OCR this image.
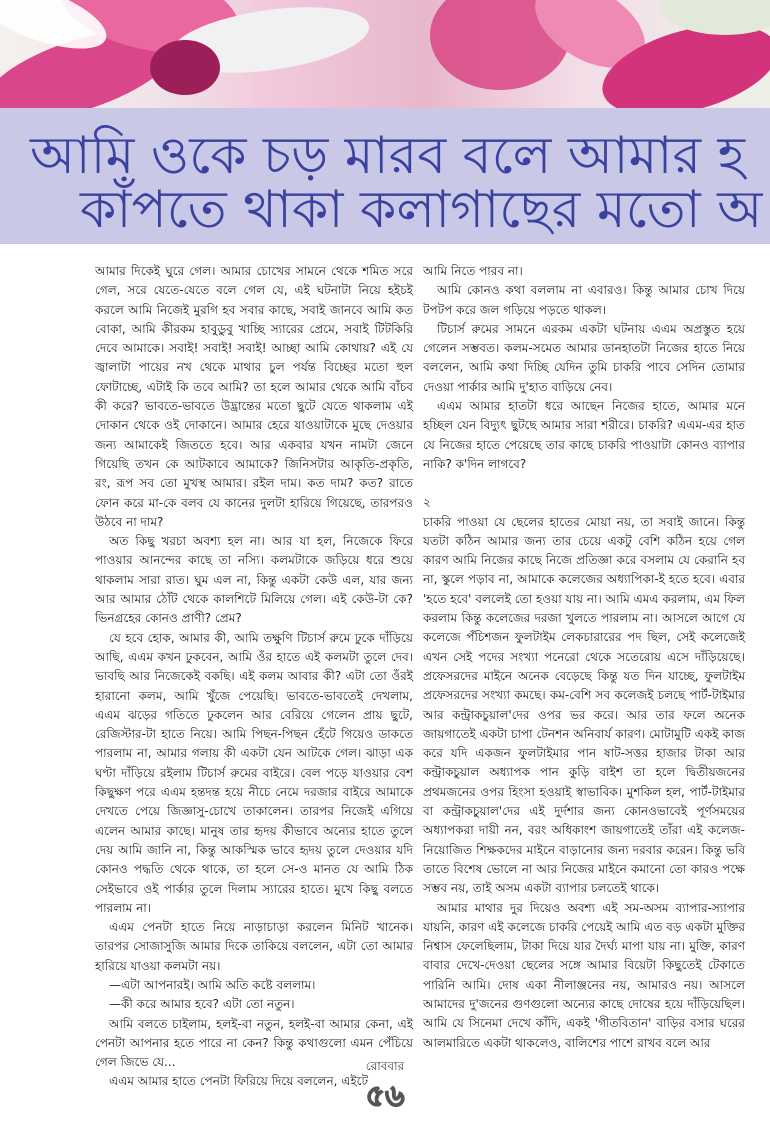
আমি ওকে চড় মারব বলে আমার হ
কাঁপতে থাকা কলাগাছের মতো অ

আমার দিকেই ঘুরে গেল। আমার চোখের সামনে থেকে শমিত সরে গেল, সরে যেতে-যেতে বলে গেল যে, এই ঘটনাটা নিয়ে হইচই করলে আমি নিজেই মুরগি হব সবার কাছে, সবাই জানবে আমি কত বোকা, আমি কীরকম হাবুডুবু খাচ্ছি স্যারের প্রেমে, সবাই টিটকিরি দেবে আমাকে। সবাই! সবাই! সবাই! আচ্ছা আমি কোথায়? এই যে জ্বালাটা পায়ের নখ থেকে মাথার চুল পর্যন্ত বিচ্ছের মতো হুল ফোটাচ্ছে, এটাই কি তবে আমি? তা হলে আমার থেকে আমি বাঁচব কী করে? ভাবতে-ভাবতে উদ্ভ্রান্তের মতো ছুটে যেতে থাকলাম এই দোকান থেকে ওই দোকানে। আমার হেরে যাওয়াটাকে মুছে দেওয়ার জন্য আমাকেই জিততে হবে। আর একবার যখন নামটা জেনে গিয়েছি তখন কে আটকাবে আমাকে? জিনিসটার আকৃতি-প্রকৃতি, রং, রূপ সব তো মুখস্থ আমার। রইল দাম। কত দাম? কত? রাতে ফোন করে মা-কে বলব যে কানের দুলটা হারিয়ে গিয়েছে, তারপরও উঠবে না দাম?

অত কিছু খরচা অবশ্য হল না। আর যা হল, নিজেকে ফিরে পাওয়ার আনন্দের কাছে তা নস্যি। কলমটাকে জড়িয়ে ধরে শুয়ে থাকলাম সারা রাত। ঘুম এল না, কিন্তু একটা কেউ এল, যার জন্য আর আমার ঠোঁট থেকে কালশিটে মিলিয়ে গেল। এই কেউ-টা কে? ভিনগ্রহের কোনও প্রাণী? প্রেম?

যে হবে হোক, আমার কী, আমি তক্ষুণি টিচার্স রুমে ঢুকে দাঁড়িয়ে আছি, এএম কখন ঢুকবেন, আমি ওঁর হাতে এই কলমটা তুলে দেব। ভাবছি আর নিজেকেই বকছি। এই কলম আবার কী? এটা তো ওঁরই হারানো কলম, আমি খুঁজে পেয়েছি। ভাবতে-ভাবতেই দেখলাম, এএম ঝড়ের গতিতে ঢুকলেন আর বেরিয়ে গেলেন প্রায় ছুটে, রেজিস্টার-টা হাতে নিয়ে। আমি পিছন-পিছন হেঁটে গিয়েও ডাকতে পারলাম না, আমার গলায় কী একটা যেন আটকে গেল। ঝাড়া এক ঘণ্টা দাঁড়িয়ে রইলাম টিচার্স রুমের বাইরে। বেল পড়ে যাওয়ার বেশ কিছুক্ষণ পরে এএম হন্তদন্ত হয়ে নীচে নেমে দরজার বাইরে আমাকে দেখতে পেয়ে জিজ্ঞাসু-চোখে তাকালেন। তারপর নিজেই এগিয়ে এলেন আমার কাছে। মানুষ তার হৃদয় কীভাবে অন্যের হাতে তুলে দেয় আমি জানি না, কিন্তু আকস্মিক ভাবে হৃদয় তুলে দেওয়ার যদি কোনও পদ্ধতি থেকে থাকে, তা হলে সে-ও মানত যে আমি ঠিক সেইভাবে ওই পার্কার তুলে দিলাম স্যারের হাতে। মুখে কিছু বলতে পারলাম না।

এএম পেনটা হাতে নিয়ে নাড়াচাড়া করলেন মিনিট খানেক। তারপর সোজাসুজি আমার দিকে তাকিয়ে বললেন, এটা তো আমার হারিয়ে যাওয়া কলমটা নয়।

—এটা আপনারই। আমি অতি কষ্টে বললাম।

—কী করে আমার হবে? এটা তো নতুন।

আমি বলতে চাইলাম, হলই-বা নতুন, হলই-বা আমার কেনা, এই পেনটা আপনার হতে পারে না কেন? কিন্তু কথাগুলো এমন পেঁচিয়ে গেল জিভে যে...

এএম আমার হাতে পেনটা ফিরিয়ে দিয়ে বললেন, এইটে

আমি নিতে পারব না।

আমি কোনও কথা বললাম না এবারও। কিন্তু আমার চোখ দিয়ে টপটপ করে জল গড়িয়ে পড়তে থাকল।

টিচার্স রুমের সামনে এরকম একটা ঘটনায় এএম অপ্রস্তুত হয়ে গেলেন সম্ভবত। কলম-সমেত আমার ডানহাতটা নিজের হাতে নিয়ে বললেন, আমি কথা দিচ্ছি যেদিন তুমি চাকরি পাবে সেদিন তোমার দেওয়া পার্কার আমি দু'হাত বাড়িয়ে নেব।

এএম আমার হাতটা ধরে আছেন নিজের হাতে, আমার মনে হচ্ছিল যেন বিদ্যুৎ ছুটছে আমার সারা শরীরে। চাকরি? এএম-এর হাত যে নিজের হাতে পেয়েছে তার কাছে চাকরি পাওয়াটা কোনও ব্যাপার নাকি? ক'দিন লাগবে?

২

চাকরি পাওয়া যে ছেলের হাতের মোয়া নয়, তা সবাই জানে। কিন্তু যতটা কঠিন আমার জন্য তার চেয়ে একটু বেশি কঠিন হয়ে গেল কারণ আমি নিজের কাছে নিজে প্রতিজ্ঞা করে বসলাম যে কেরানি হব না, স্কুলে পড়াব না, আমাকে কলেজের অধ্যাপিকা-ই হতে হবে। এবার 'হতে হবে' বললেই তো হওয়া যায় না। আমি এমএ করলাম, এম ফিল করলাম কিন্তু কলেজের দরজা খুলতে পারলাম না। আসলে আগে যে কলেজে পঁচিশজন ফুলটাইম লেকচারারের পদ ছিল, সেই কলেজেই এখন সেই পদের সংখ্যা পনেরো থেকে সতেরোয় এসে দাঁড়িয়েছে। প্রফেসরদের মাইনে অনেক বেড়েছে কিন্তু যত দিন যাচ্ছে, ফুলটাইম প্রফেসরদের সংখ্যা কমছে। কম-বেশি সব কলেজই চলছে পার্ট-টাইমার আর কন্ট্রাকচুয়াল'দের ওপর ভর করে। আর তার ফলে অনেক জায়গাতেই একটা চাপা টেনশন অনিবার্য কারণ। মোটামুটি একই কাজ করে যদি একজন ফুলটাইমার পান ষাট-সত্তর হাজার টাকা আর কন্ট্রাকচুয়াল অধ্যাপক পান কুড়ি বাইশ তা হলে দ্বিতীয়জনের প্রথমজনের ওপর হিংসা হওয়াই স্বাভাবিক। মুশকিল হল, পার্ট-টাইমার বা কন্ট্রাকচুয়াল'দের এই দুর্দশার জন্য কোনওভাবেই পূর্ণসময়ের অধ্যাপকরা দায়ী নন, বরং অধিকাংশ জায়গাতেই তাঁরা এই কলেজ-নিয়োজিত শিক্ষকদের মাইনে বাড়ানোর জন্য দরবার করেন। কিন্তু ভবি তাতে বিশেষ ভোলে না আর নিজের মাইনে কমানো তো কারও পক্ষে সম্ভব নয়, তাই অসম একটা ব্যাপার চলতেই থাকে।

আমার মাথার দুর দিয়েও অবশ্য এই সম-অসম ব্যাপার-স্যাপার যায়নি, কারণ এই কলেজে চাকরি পেয়েই আমি এত বড় একটা মুক্তির নিশ্বাস ফেলেছিলাম, টাকা দিয়ে যার দৈর্ঘ্য মাপা যায় না। মুক্তি, কারণ বাবার দেখে-দেওয়া ছেলের সঙ্গে আমার বিয়েটা কিছুতেই টেকাতে পারিনি আমি। দোষ একা নীলাঞ্জনের নয়, আমারও নয়। আসলে আমাদের দু'জনের গুণগুলো অন্যের কাছে দোষের হয়ে দাঁড়িয়েছিল। আমি যে সিনেমা দেখে কাঁদি, একই 'গীতবিতান' বাড়ির বসার ঘরের আলমারিতে একটা থাকলেও, বালিশের পাশে রাখব বলে আর

রোববার
৫৬
